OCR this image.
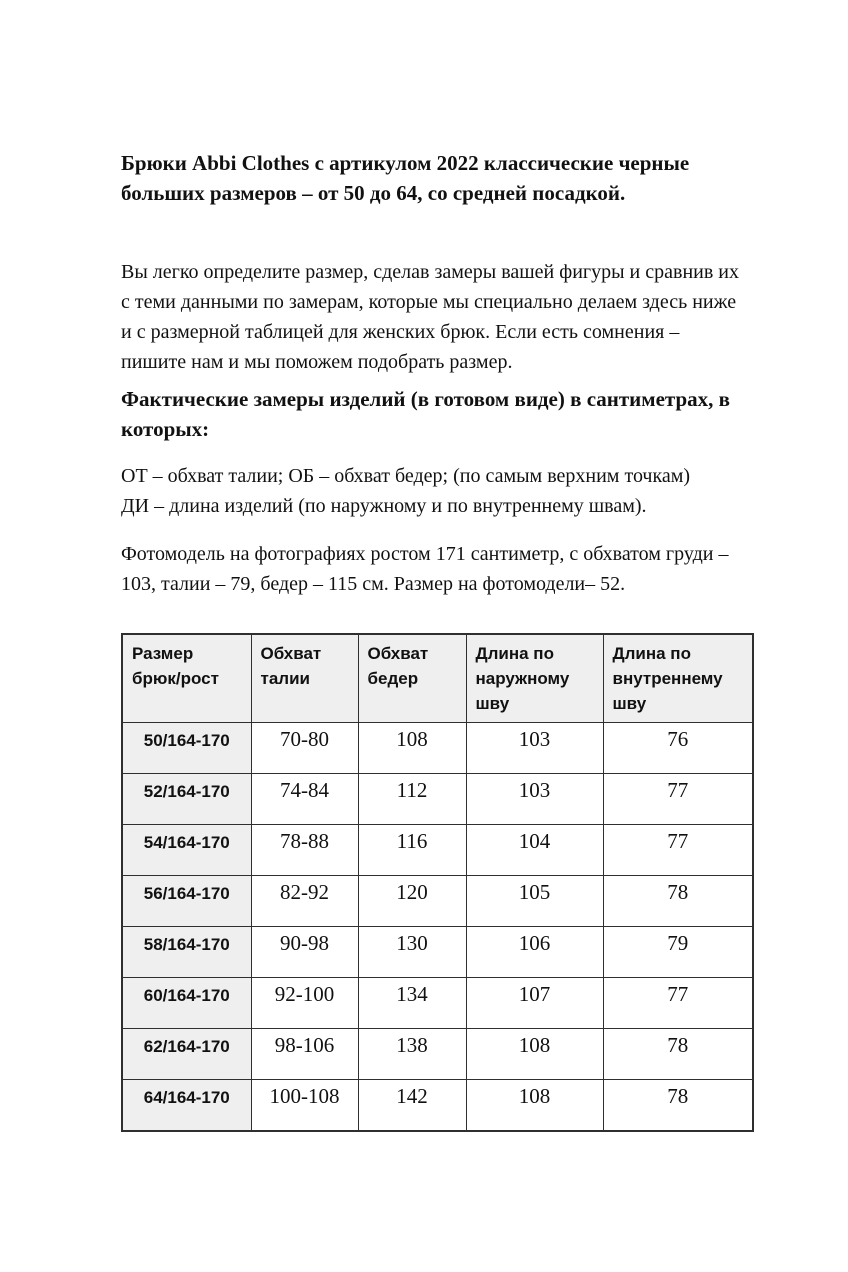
Брюки Abbi Clothes с артикулом 2022 классические черные больших размеров – от 50 до 64, со средней посадкой.

Вы легко определите размер, сделав замеры вашей фигуры и сравнив их с теми данными по замерам, которые мы специально делаем здесь ниже и с размерной таблицей для женских брюк. Если есть сомнения – пишите нам и мы поможем подобрать размер.

Фактические замеры изделий (в готовом виде) в сантиметрах, в которых:
ОТ – обхват талии; ОБ – обхват бедер; (по самым верхним точкам)
ДИ – длина изделий (по наружному и по внутреннему швам).

Фотомодель на фотографиях ростом 171 сантиметр, с обхватом груди – 103, талии – 79, бедер – 115 см. Размер на фотомодели– 52.

Размер брюк/рост	Обхват талии	Обхват бедер	Длина по наружному шву	Длина по внутреннему шву
50/164-170	70-80	108	103	76
52/164-170	74-84	112	103	77
54/164-170	78-88	116	104	77
56/164-170	82-92	120	105	78
58/164-170	90-98	130	106	79
60/164-170	92-100	134	107	77
62/164-170	98-106	138	108	78
64/164-170	100-108	142	108	78
